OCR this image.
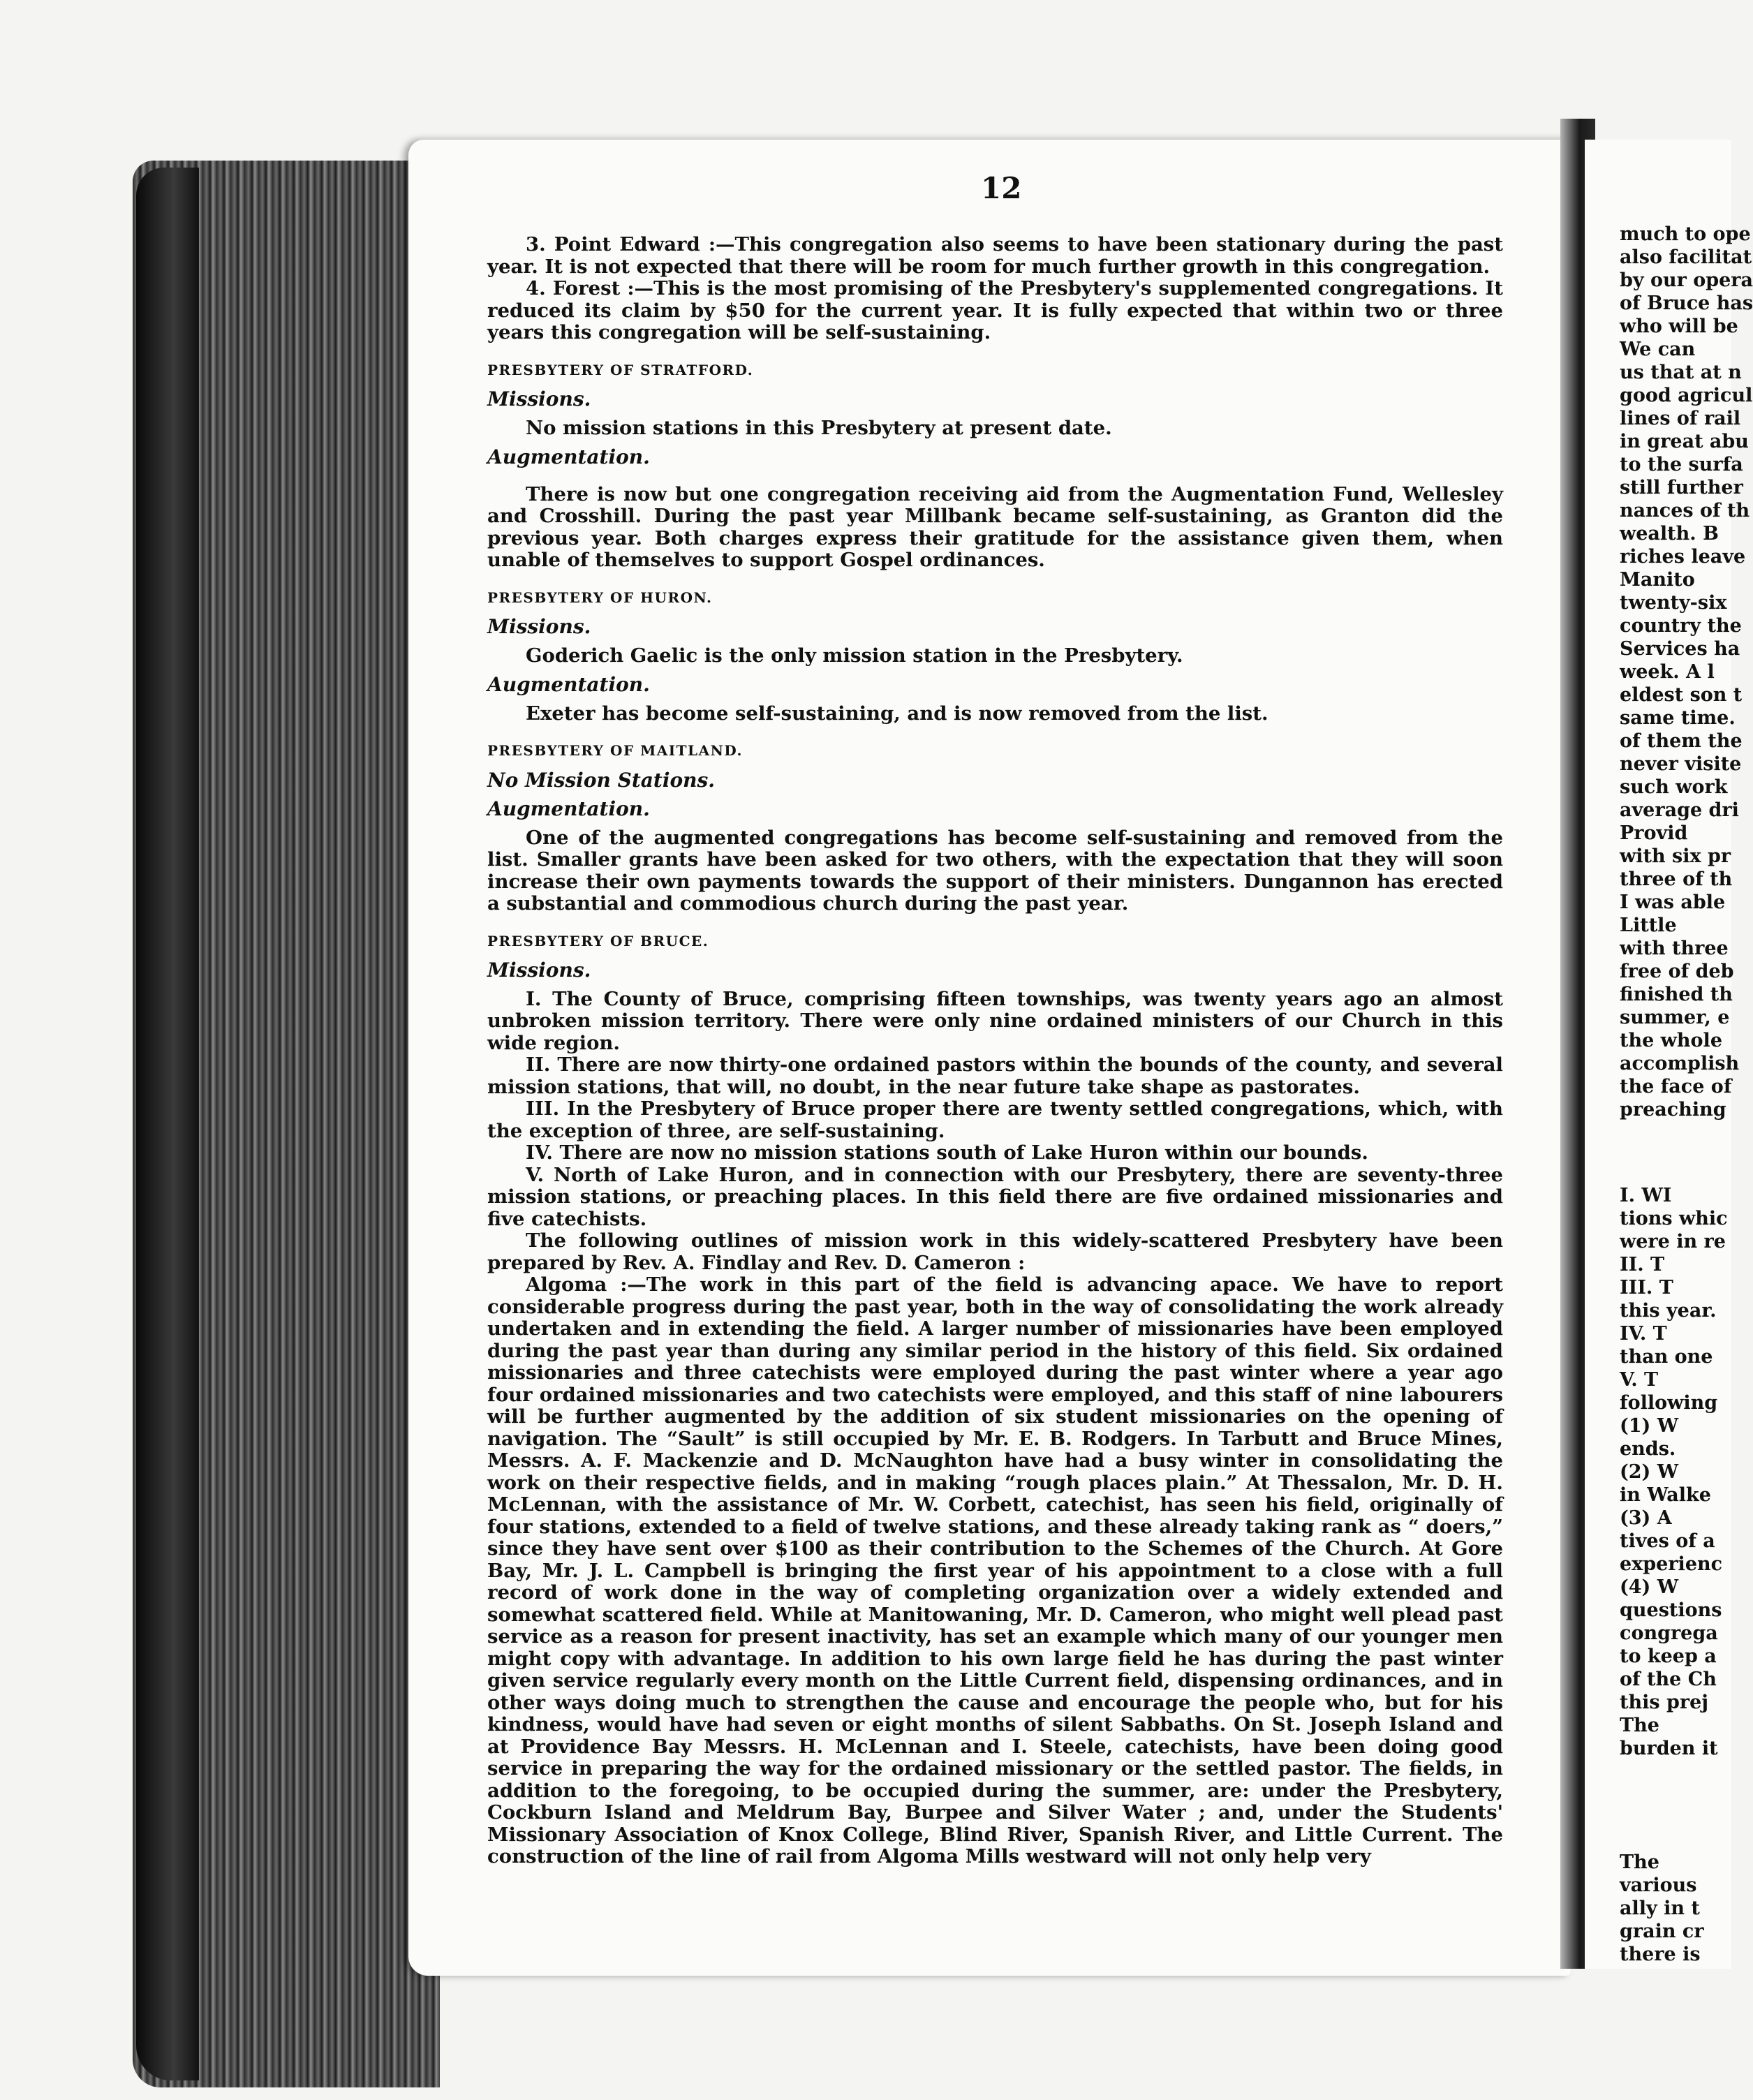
much to ope
also facilitat
by our opera
of Bruce has
who will be
We can
us that at n
good agricul
lines of rail
in great abu
to the surfa
still further
nances of th
wealth. B
riches leave
Manito
twenty-six
country the
Services ha
week. A l
eldest son t
same time.
of them the
never visite
such work
average dri
Provid
with six pr
three of th
I was able
Little
with three
free of deb
finished th
summer, e
the whole
accomplish
the face of
preaching
I. WI
tions whic
were in re
II. T
III. T
this year.
IV. T
than one
V. T
following
(1) W
ends.
(2) W
in Walke
(3) A
tives of a
experienc
(4) W
questions
congrega
to keep a
of the Ch
this prej
The
burden it
The
various
ally in t
grain cr
there is
12

3. Point Edward :—This congregation also seems to have been stationary during the past year. It is not expected that there will be room for much further growth in this congregation.

4. Forest :—This is the most promising of the Presbytery's supplemented congregations. It reduced its claim by $50 for the current year. It is fully expected that within two or three years this congregation will be self-sustaining.

PRESBYTERY OF STRATFORD.

Missions.

No mission stations in this Presbytery at present date.

Augmentation.

There is now but one congregation receiving aid from the Augmentation Fund, Wellesley and Crosshill. During the past year Millbank became self-sustaining, as Granton did the previous year. Both charges express their gratitude for the assistance given them, when unable of themselves to support Gospel ordinances.

PRESBYTERY OF HURON.

Missions.

Goderich Gaelic is the only mission station in the Presbytery.

Augmentation.

Exeter has become self-sustaining, and is now removed from the list.

PRESBYTERY OF MAITLAND.

No Mission Stations.

Augmentation.

One of the augmented congregations has become self-sustaining and removed from the list. Smaller grants have been asked for two others, with the expectation that they will soon increase their own payments towards the support of their ministers. Dungannon has erected a substantial and commodious church during the past year.

PRESBYTERY OF BRUCE.

Missions.

I. The County of Bruce, comprising fifteen townships, was twenty years ago an almost unbroken mission territory. There were only nine ordained ministers of our Church in this wide region.

II. There are now thirty-one ordained pastors within the bounds of the county, and several mission stations, that will, no doubt, in the near future take shape as pastorates.

III. In the Presbytery of Bruce proper there are twenty settled congregations, which, with the exception of three, are self-sustaining.

IV. There are now no mission stations south of Lake Huron within our bounds.

V. North of Lake Huron, and in connection with our Presbytery, there are seventy-three mission stations, or preaching places. In this field there are five ordained missionaries and five catechists.

The following outlines of mission work in this widely-scattered Presbytery have been prepared by Rev. A. Findlay and Rev. D. Cameron :

Algoma :—The work in this part of the field is advancing apace. We have to report considerable progress during the past year, both in the way of consolidating the work already undertaken and in extending the field. A larger number of missionaries have been employed during the past year than during any similar period in the history of this field. Six ordained missionaries and three catechists were employed during the past winter where a year ago four ordained missionaries and two catechists were employed, and this staff of nine labourers will be further augmented by the addition of six student missionaries on the opening of navigation. The “Sault” is still occupied by Mr. E. B. Rodgers. In Tarbutt and Bruce Mines, Messrs. A. F. Mackenzie and D. McNaughton have had a busy winter in consolidating the work on their respective fields, and in making “rough places plain.” At Thessalon, Mr. D. H. McLennan, with the assistance of Mr. W. Corbett, catechist, has seen his field, originally of four stations, extended to a field of twelve stations, and these already taking rank as “ doers,” since they have sent over $100 as their contribution to the Schemes of the Church. At Gore Bay, Mr. J. L. Campbell is bringing the first year of his appointment to a close with a full record of work done in the way of completing organization over a widely extended and somewhat scattered field. While at Manitowaning, Mr. D. Cameron, who might well plead past service as a reason for present inactivity, has set an example which many of our younger men might copy with advantage. In addition to his own large field he has during the past winter given service regularly every month on the Little Current field, dispensing ordinances, and in other ways doing much to strengthen the cause and encourage the people who, but for his kindness, would have had seven or eight months of silent Sabbaths. On St. Joseph Island and at Providence Bay Messrs. H. McLennan and I. Steele, catechists, have been doing good service in preparing the way for the ordained missionary or the settled pastor. The fields, in addition to the foregoing, to be occupied during the summer, are: under the Presbytery, Cockburn Island and Meldrum Bay, Burpee and Silver Water ; and, under the Students' Missionary Association of Knox College, Blind River, Spanish River, and Little Current. The construction of the line of rail from Algoma Mills westward will not only help very
